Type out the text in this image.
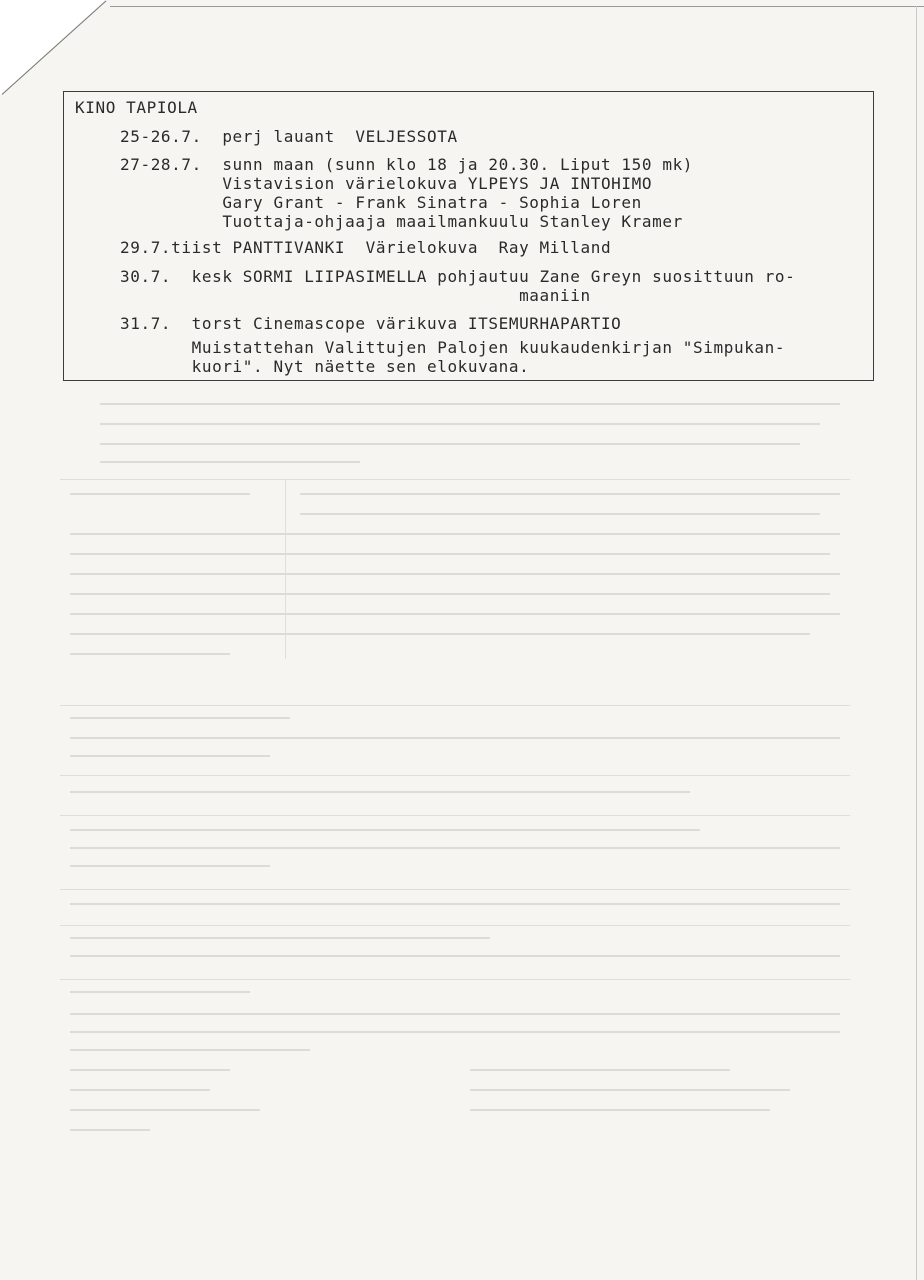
KINO TAPIOLA
25-26.7.  perj lauant  VELJESSOTA
27-28.7.  sunn maan (sunn klo 18 ja 20.30. Liput 150 mk)
Vistavision värielokuva YLPEYS JA INTOHIMO
Gary Grant - Frank Sinatra - Sophia Loren
Tuottaja-ohjaaja maailmankuulu Stanley Kramer
29.7.tiist PANTTIVANKI  Värielokuva  Ray Milland
30.7.  kesk SORMI LIIPASIMELLA pohjautuu Zane Greyn suosittuun ro-
maaniin
31.7.  torst Cinemascope värikuva ITSEMURHAPARTIO
Muistattehan Valittujen Palojen kuukaudenkirjan "Simpukan-
kuori". Nyt näette sen elokuvana.
